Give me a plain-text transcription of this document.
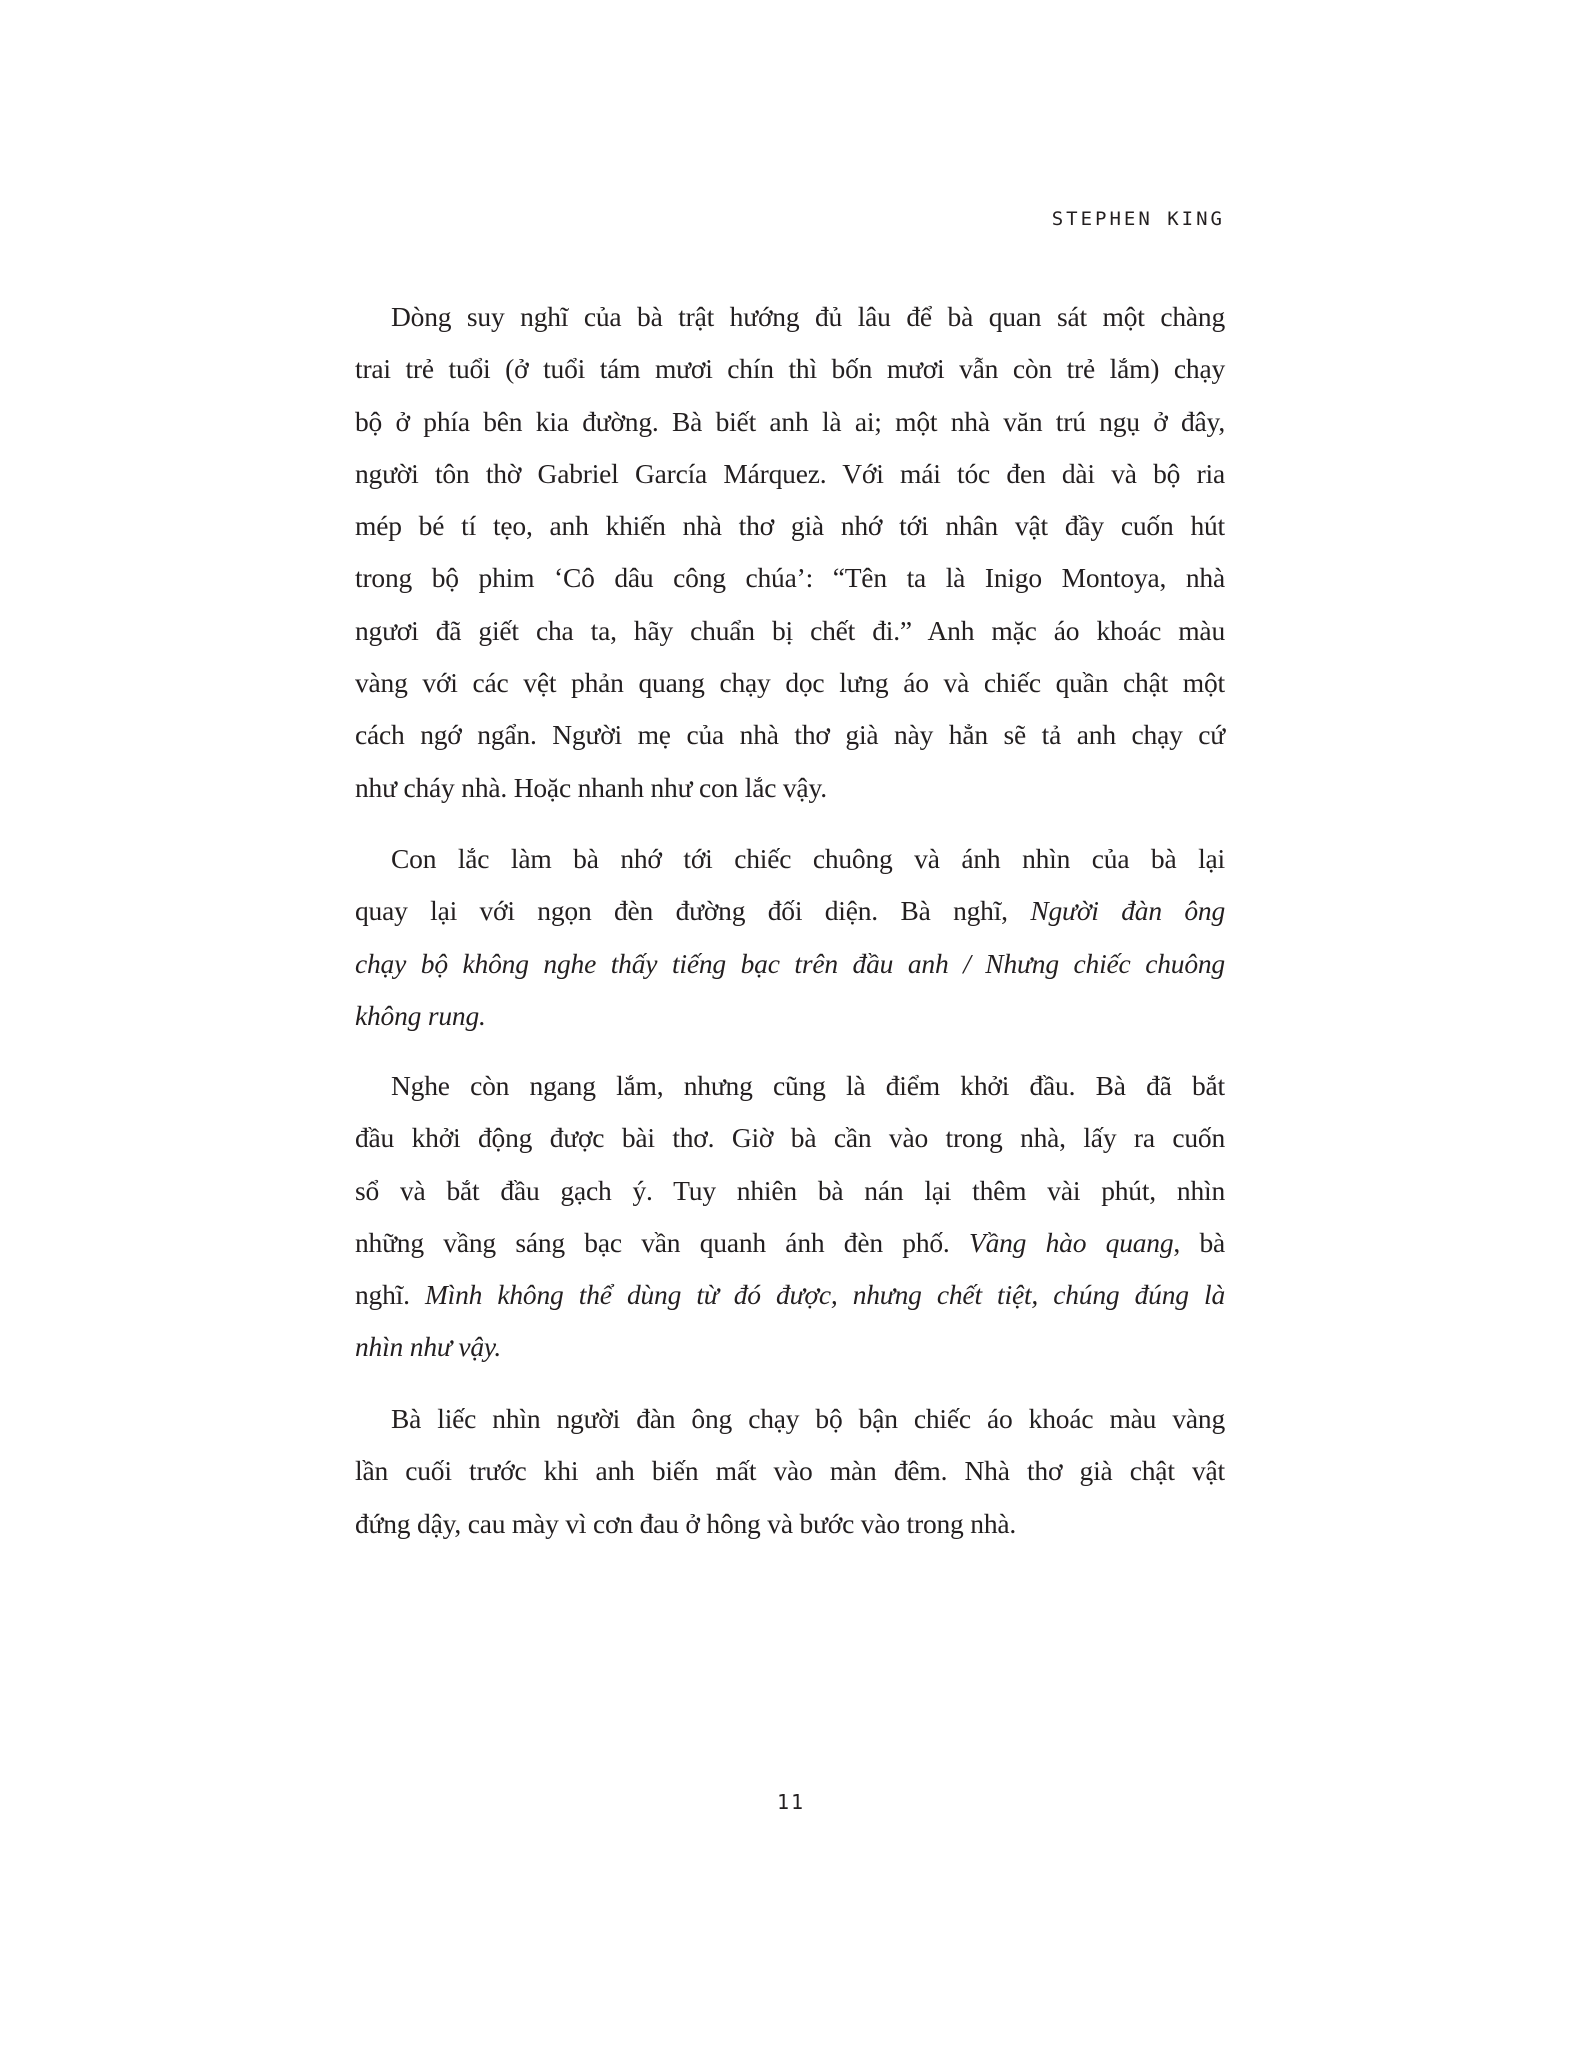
STEPHEN KING
Dòng suy nghĩ của bà trật hướng đủ lâu để bà quan sát một chàng
trai trẻ tuổi (ở tuổi tám mươi chín thì bốn mươi vẫn còn trẻ lắm) chạy
bộ ở phía bên kia đường. Bà biết anh là ai; một nhà văn trú ngụ ở đây,
người tôn thờ Gabriel García Márquez. Với mái tóc đen dài và bộ ria
mép bé tí tẹo, anh khiến nhà thơ già nhớ tới nhân vật đầy cuốn hút
trong bộ phim ‘Cô dâu công chúa’: “Tên ta là Inigo Montoya, nhà
ngươi đã giết cha ta, hãy chuẩn bị chết đi.” Anh mặc áo khoác màu
vàng với các vệt phản quang chạy dọc lưng áo và chiếc quần chật một
cách ngớ ngẩn. Người mẹ của nhà thơ già này hẳn sẽ tả anh chạy cứ
như cháy nhà. Hoặc nhanh như con lắc vậy.
Con lắc làm bà nhớ tới chiếc chuông và ánh nhìn của bà lại
quay lại với ngọn đèn đường đối diện. Bà nghĩ, Người đàn ông
chạy bộ không nghe thấy tiếng bạc trên đầu anh / Nhưng chiếc chuông
không rung.
Nghe còn ngang lắm, nhưng cũng là điểm khởi đầu. Bà đã bắt
đầu khởi động được bài thơ. Giờ bà cần vào trong nhà, lấy ra cuốn
sổ và bắt đầu gạch ý. Tuy nhiên bà nán lại thêm vài phút, nhìn
những vầng sáng bạc vần quanh ánh đèn phố. Vầng hào quang, bà
nghĩ. Mình không thể dùng từ đó được, nhưng chết tiệt, chúng đúng là
nhìn như vậy.
Bà liếc nhìn người đàn ông chạy bộ bận chiếc áo khoác màu vàng
lần cuối trước khi anh biến mất vào màn đêm. Nhà thơ già chật vật
đứng dậy, cau mày vì cơn đau ở hông và bước vào trong nhà.
11
